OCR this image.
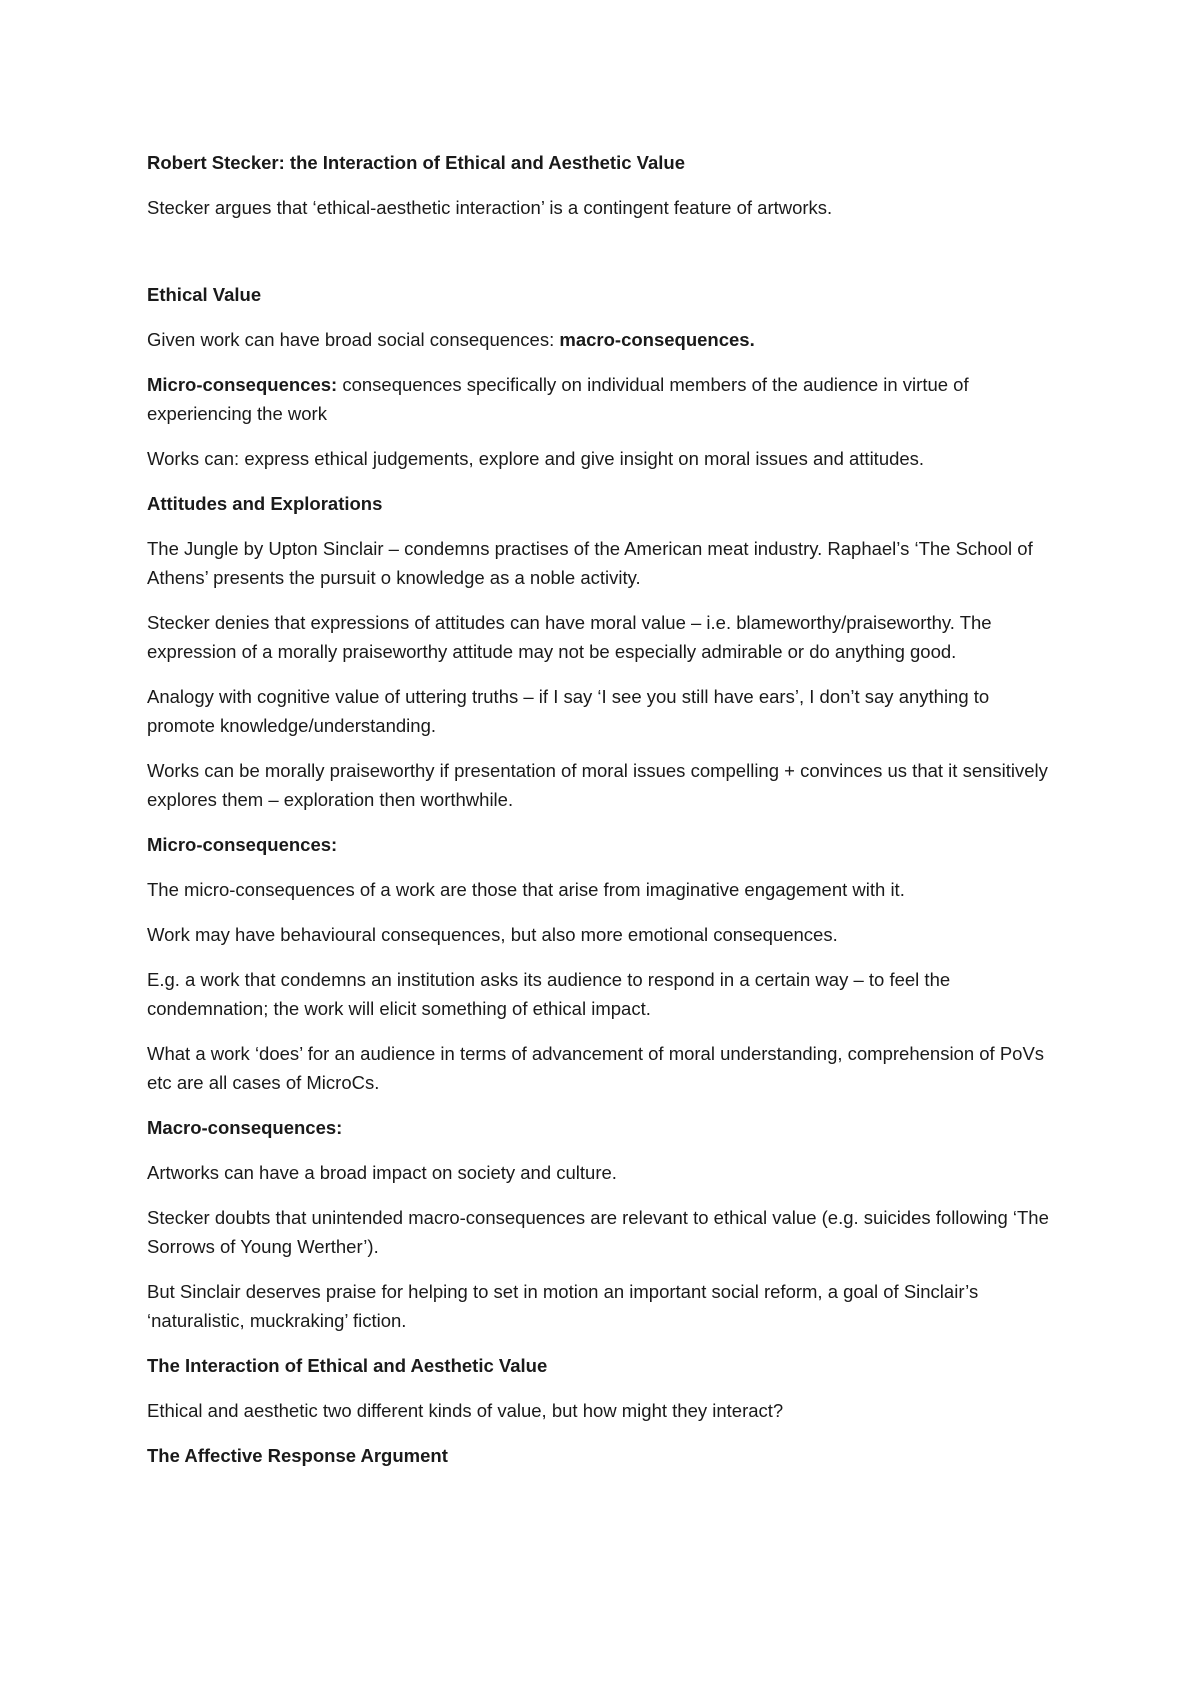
Robert Stecker: the Interaction of Ethical and Aesthetic Value

Stecker argues that ‘ethical-aesthetic interaction’ is a contingent feature of artworks.

Ethical Value

Given work can have broad social consequences: macro-consequences.

Micro-consequences: consequences specifically on individual members of the audience in virtue of experiencing the work

Works can: express ethical judgements, explore and give insight on moral issues and attitudes.

Attitudes and Explorations

The Jungle by Upton Sinclair – condemns practises of the American meat industry. Raphael’s ‘The School of Athens’ presents the pursuit o knowledge as a noble activity.

Stecker denies that expressions of attitudes can have moral value – i.e. blameworthy/praiseworthy. The expression of a morally praiseworthy attitude may not be especially admirable or do anything good.

Analogy with cognitive value of uttering truths – if I say ‘I see you still have ears’, I don’t say anything to promote knowledge/understanding.

Works can be morally praiseworthy if presentation of moral issues compelling + convinces us that it sensitively explores them – exploration then worthwhile.

Micro-consequences:

The micro-consequences of a work are those that arise from imaginative engagement with it.

Work may have behavioural consequences, but also more emotional consequences.

E.g. a work that condemns an institution asks its audience to respond in a certain way – to feel the condemnation; the work will elicit something of ethical impact.

What a work ‘does’ for an audience in terms of advancement of moral understanding, comprehension of PoVs etc are all cases of MicroCs.

Macro-consequences:

Artworks can have a broad impact on society and culture.

Stecker doubts that unintended macro-consequences are relevant to ethical value (e.g. suicides following ‘The Sorrows of Young Werther’).

But Sinclair deserves praise for helping to set in motion an important social reform, a goal of Sinclair’s ‘naturalistic, muckraking’ fiction.

The Interaction of Ethical and Aesthetic Value

Ethical and aesthetic two different kinds of value, but how might they interact?

The Affective Response Argument
